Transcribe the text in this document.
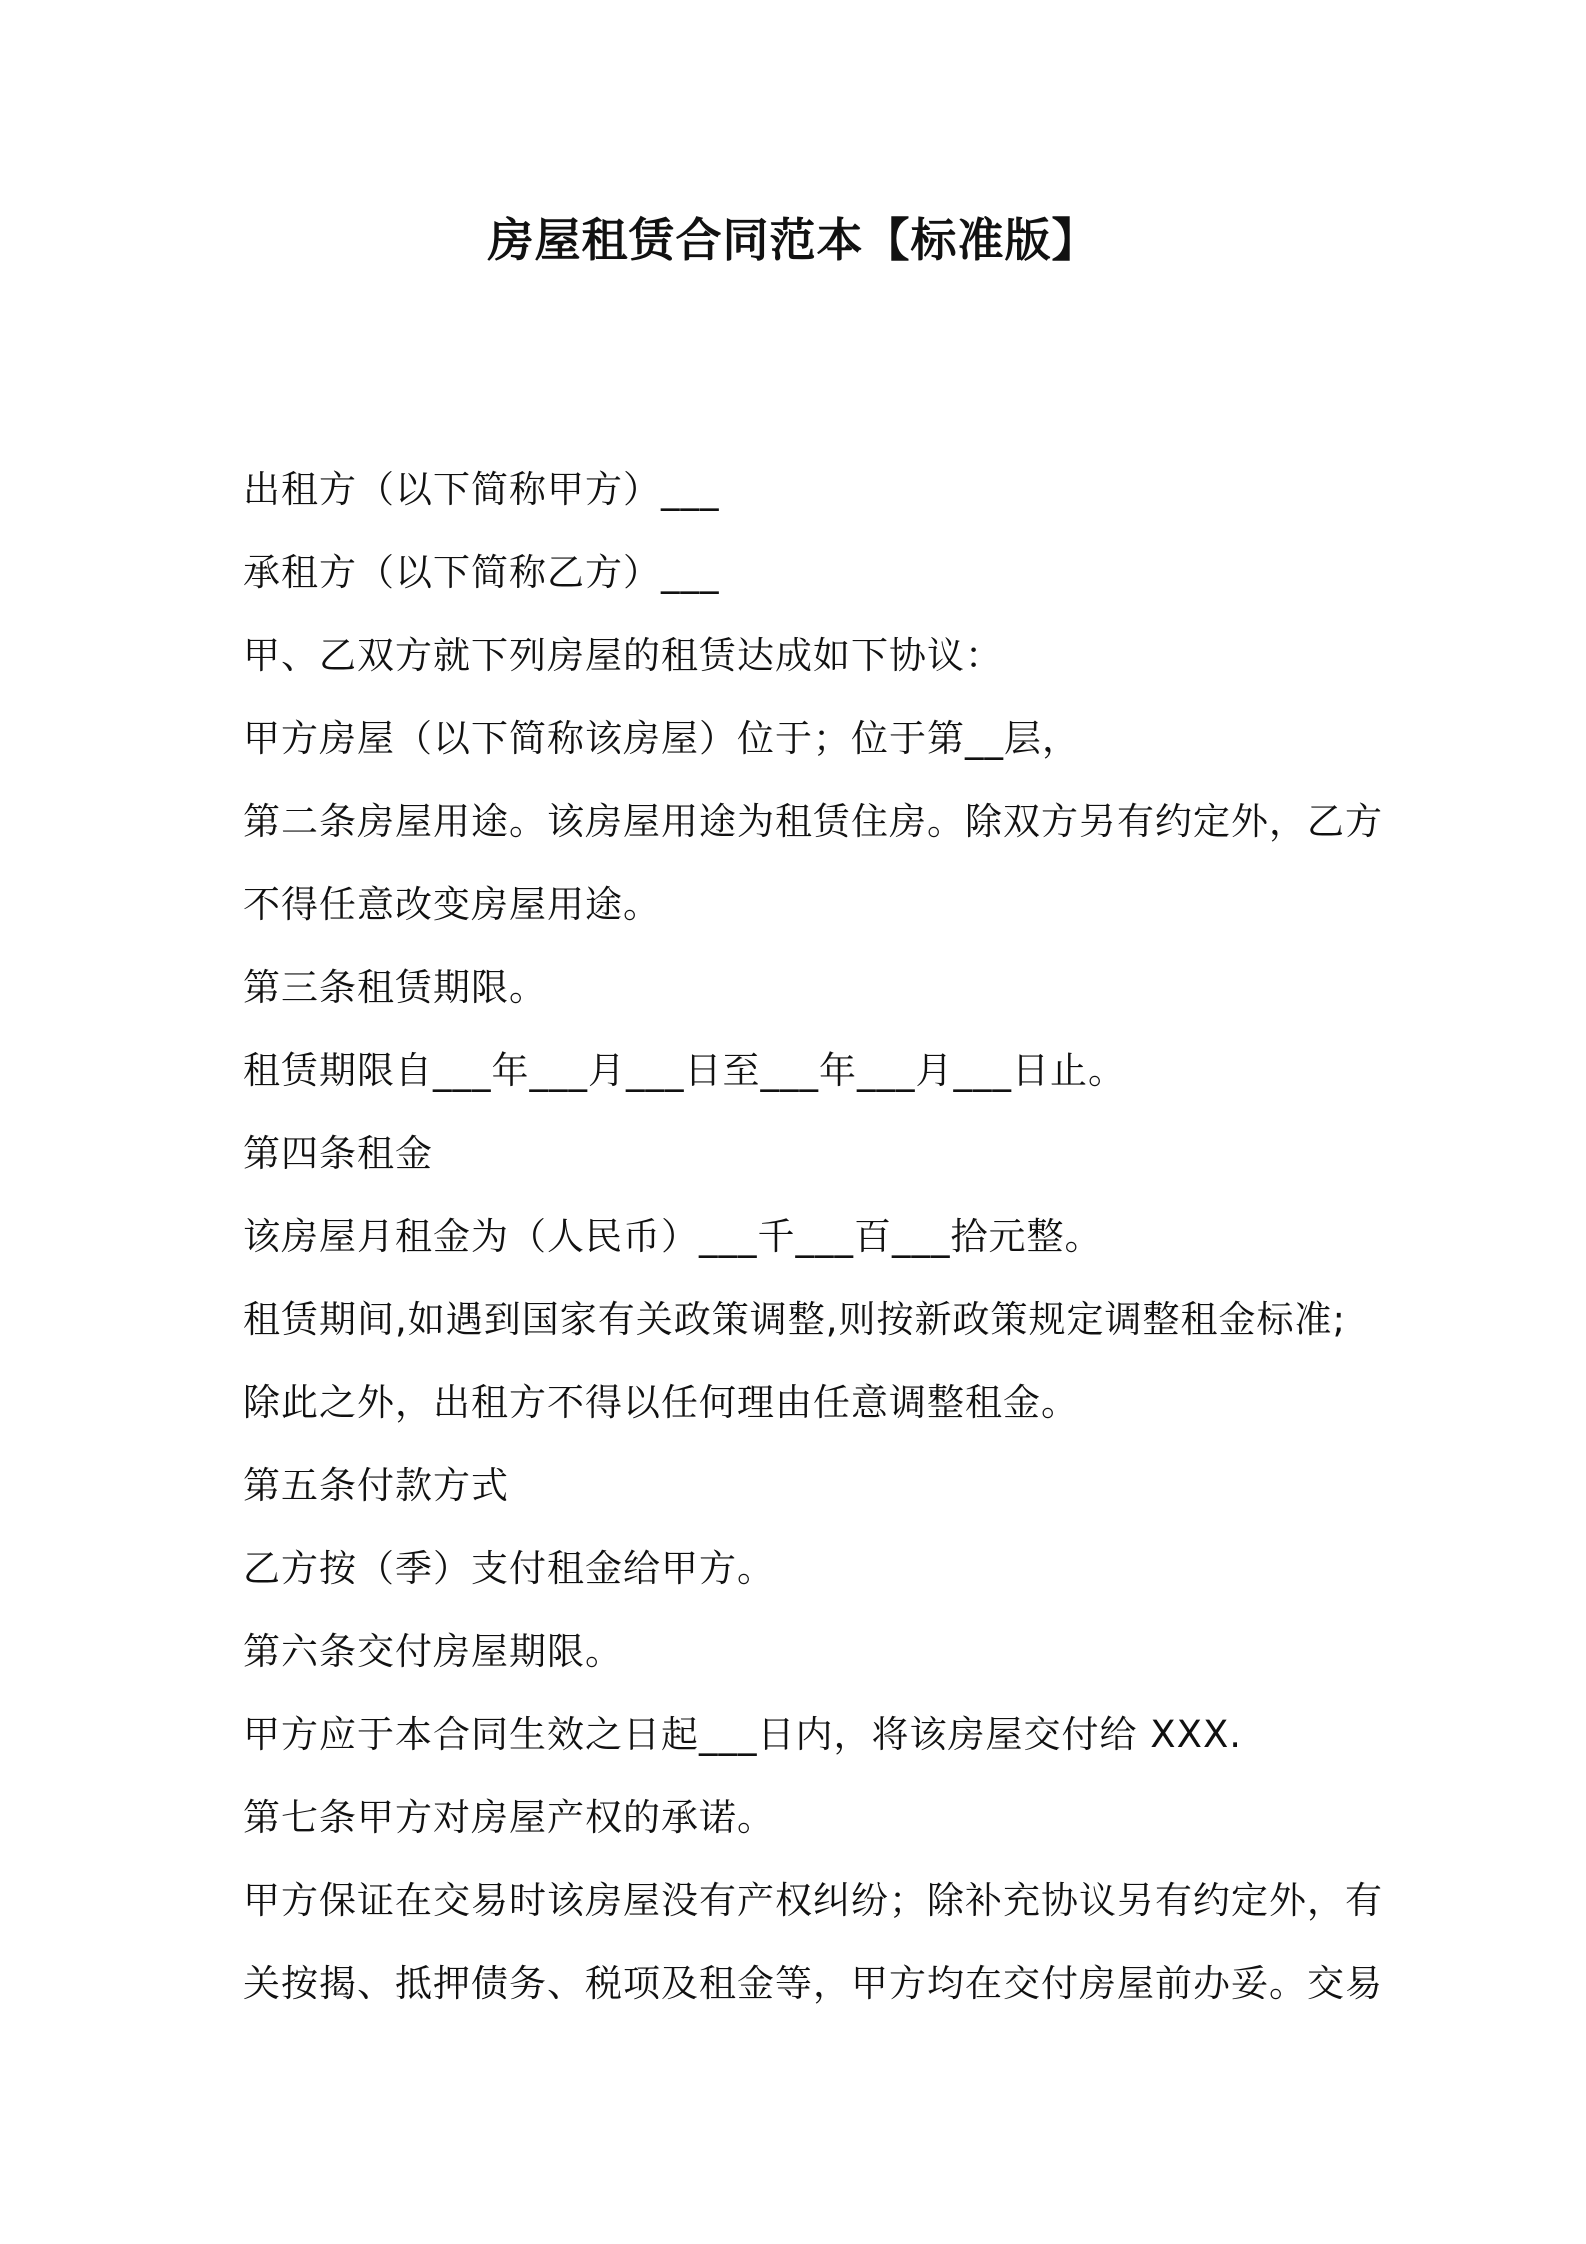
房屋租赁合同范本【标准版】
出租方（以下简称甲方）___
承租方（以下简称乙方）___
甲、乙双方就下列房屋的租赁达成如下协议：
甲方房屋（以下简称该房屋）位于；位于第__层，
第二条房屋用途。该房屋用途为租赁住房。除双方另有约定外，乙方
不得任意改变房屋用途。
第三条租赁期限。
租赁期限自___年___月___日至___年___月___日止。
第四条租金
该房屋月租金为（人民币）___千___百___拾元整。
租赁期间,如遇到国家有关政策调整,则按新政策规定调整租金标准;
除此之外，出租方不得以任何理由任意调整租金。
第五条付款方式
乙方按（季）支付租金给甲方。
第六条交付房屋期限。
甲方应于本合同生效之日起___日内，将该房屋交付给 XXX.
第七条甲方对房屋产权的承诺。
甲方保证在交易时该房屋没有产权纠纷；除补充协议另有约定外，有
关按揭、抵押债务、税项及租金等，甲方均在交付房屋前办妥。交易
